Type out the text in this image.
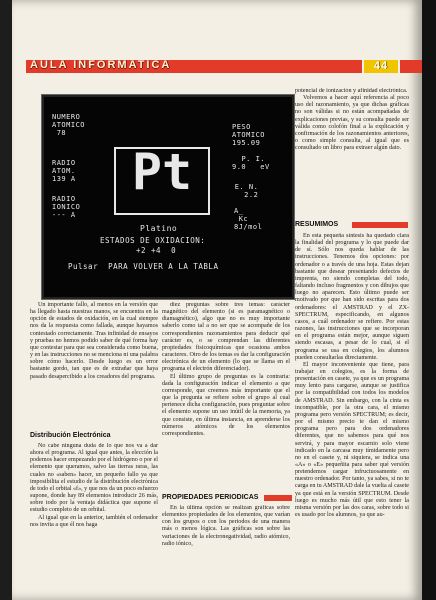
AULA INFORMATICA	44
NUMERO
ATOMICO
78
PESO
ATOMICO
195.09
RADIO
ATOM.
139 A
P. I.
9.0   eV
RADIO
IONICO
--- A
E. N.
2.2
A_
Kc
8J/mol
Pt
Platino
ESTADOS DE OXIDACION:
+2 +4  0
Pulsar  PARA VOLVER A LA TABLA

Un importante fallo, al menos en la versión que ha llegado hasta nuestras manos, se encuentra en la opción de estados de oxidación, en la cual siempre nos da la respuesta como fallada, aunque hayamos contestado correctamente. Tras infinidad de ensayos y pruebas no hemos podido saber de qué forma hay que contestar para que sea considerada como buena, y en las instrucciones no se menciona ni una palabra sobre cómo hacerlo. Desde luego es un error bastante gordo, tan que es de extrañar que haya pasado desapercibido a los creadores del programa.

Distribución Electrónica

No cabe ninguna duda de lo que nos va a dar ahora el programa. Al igual que antes, la elección la podemos hacer empezando por el hidrógeno o por el elemento que queramos, salvo las tierras raras, las cuales no «saben» hacer, un pequeño fallo ya que imposibilita el estudio de la distribución electrónica de todo el orbital «f», y que nos da un poco esfuerzo supone, donde hay 89 elementos introducir 26 más, sobre todo por la ventaja didáctica que supone el estudio completo de un orbital.

Al igual que en la anterior, también el ordenador nos invita a que él nos haga

diez preguntas sobre tres temas: carácter magnético del elemento (si es paramagnético o diamagnético), algo que no es muy importante saberlo como tal a no ser que se acompañe de los correspondientes razonamientos para deducir qué carácter es, o se comprendan las diferentes propiedades fisicoquímicas que ocasiona ambos caracteres. Otro de los temas es dar la configuración electrónica de un elemento (lo que se llama en el programa el electrón diferenciador).

El último grupo de preguntas es la contraria: dada la configuración indicar el elemento a que corresponde, que creemos más importante que el que la pregunta se refiere sobre el grupo al cual pertenece dicha configuración, pues preguntar sobre el elemento supone un uso inútil de la memoria, ya que consiste, en última instancia, en aprenderse los números atómicos de los elementos correspondientes.

PROPIEDADES PERIODICAS

En la última opción se realizan gráficas sobre elementos propiedades de los elementos, que varían con los grupos o con los periodos de una manera más o menos lógica. Las gráficas son sobre las variaciones de la electronegatividad, radio atómico, radio iónico,

potencial de ionización y afinidad electrónica.

Volvemos a hacer aquí referencia al poco uso del razonamiento, ya que dichas gráficas no son válidas si no están acompañadas de explicaciones previas, y su consulta puede ser válida como colofón final a la explicación y confirmación de los razonamientos anteriores, o como simple consulta, al igual que es consultado un libro para extraer algún dato.

RESUMIMOS

En esta pequeña síntesis ha quedado clara la finalidad del programa y lo que puede dar de sí. Sólo nos queda hablar de las instrucciones. Tenemos dos opciones: por ordenador o a través de una hoja. Estas dejan bastante que desear presentando defectos de imprenta, no siendo completas del todo, faltando incluso fragmentos y con dibujos que luego no aparecen. Esto último puede ser motivado por que han sido escritas para dos ordenadores: el AMSTRAD y el ZX-SPECTRUM, especificando, en algunos casos, a cuál ordenador se refiere. Por estas razones, las instrucciones que se incorporan en el programa están mejor, aunque siguen siendo escasas, a pesar de lo cual, si el programa se usa en colegios, los alumnos pueden consultarlas directamente.

El mayor inconveniente que tiene, para trabajar en colegios, es la forma de presentación en casete, ya que es un programa muy lento para cargarse, aunque se justifica por la compatibilidad con todos los modelos de AMSTRAD. Sin embargo, con la cinta es incompatible, por la otra cara, el mismo programa pero versión SPECTRUM; es decir, por el mismo precio te dan el mismo programa pero para dos ordenadores diferentes, que no sabemos para qué nos servirá, y para mayor escarnio solo viene indicado en la carcasa muy tímidamente pero no en el casete y, ni siquiera, se indica una «A» o «E» pequeñita para saber qué versión pretendemos cargar infructuosamente en nuestro ordenador. Por tanto, ya sabes, si no te carga en tu AMSTRAD dale la vuelta al casete ya que está en la versión SPECTRUM. Desde luego es mucho más útil que esto tener la misma versión por las dos caras, sobre todo si es usado por los alumnos, ya que au-
